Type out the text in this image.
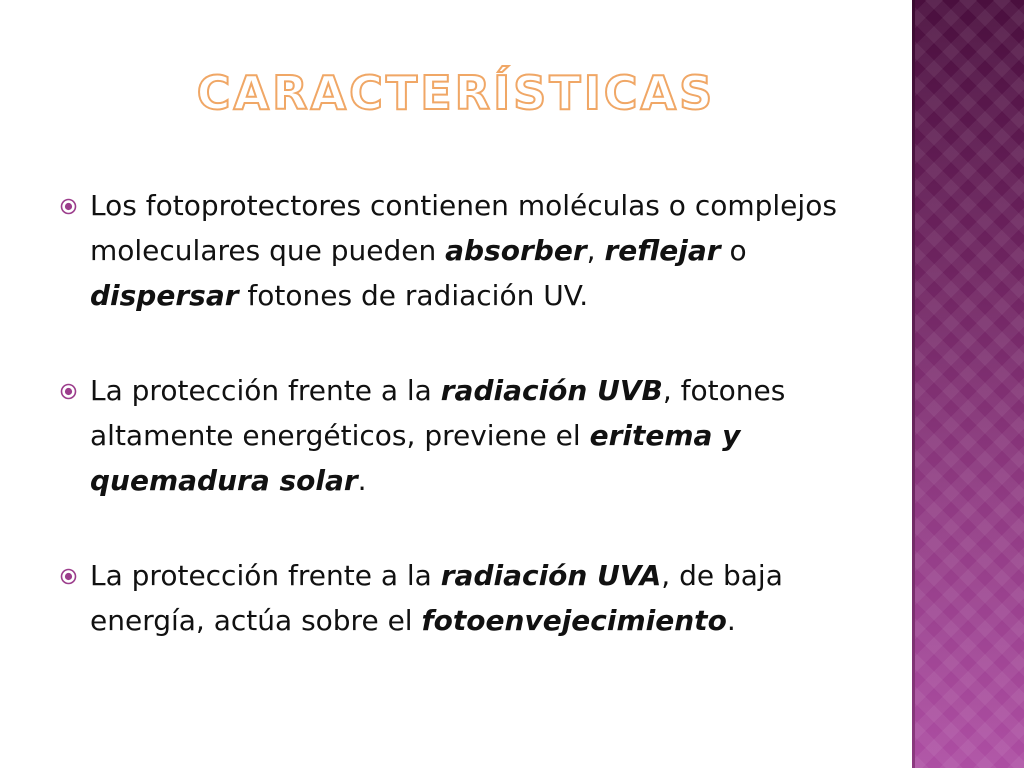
CARACTERÍSTICAS
Los fotoprotectores contienen moléculas o complejos moleculares que pueden absorber, reflejar o dispersar fotones de radiación UV.
La protección frente a la radiación UVB, fotones altamente energéticos, previene el eritema y quemadura solar.
La protección frente a la radiación UVA, de baja energía, actúa sobre el fotoenvejecimiento.
